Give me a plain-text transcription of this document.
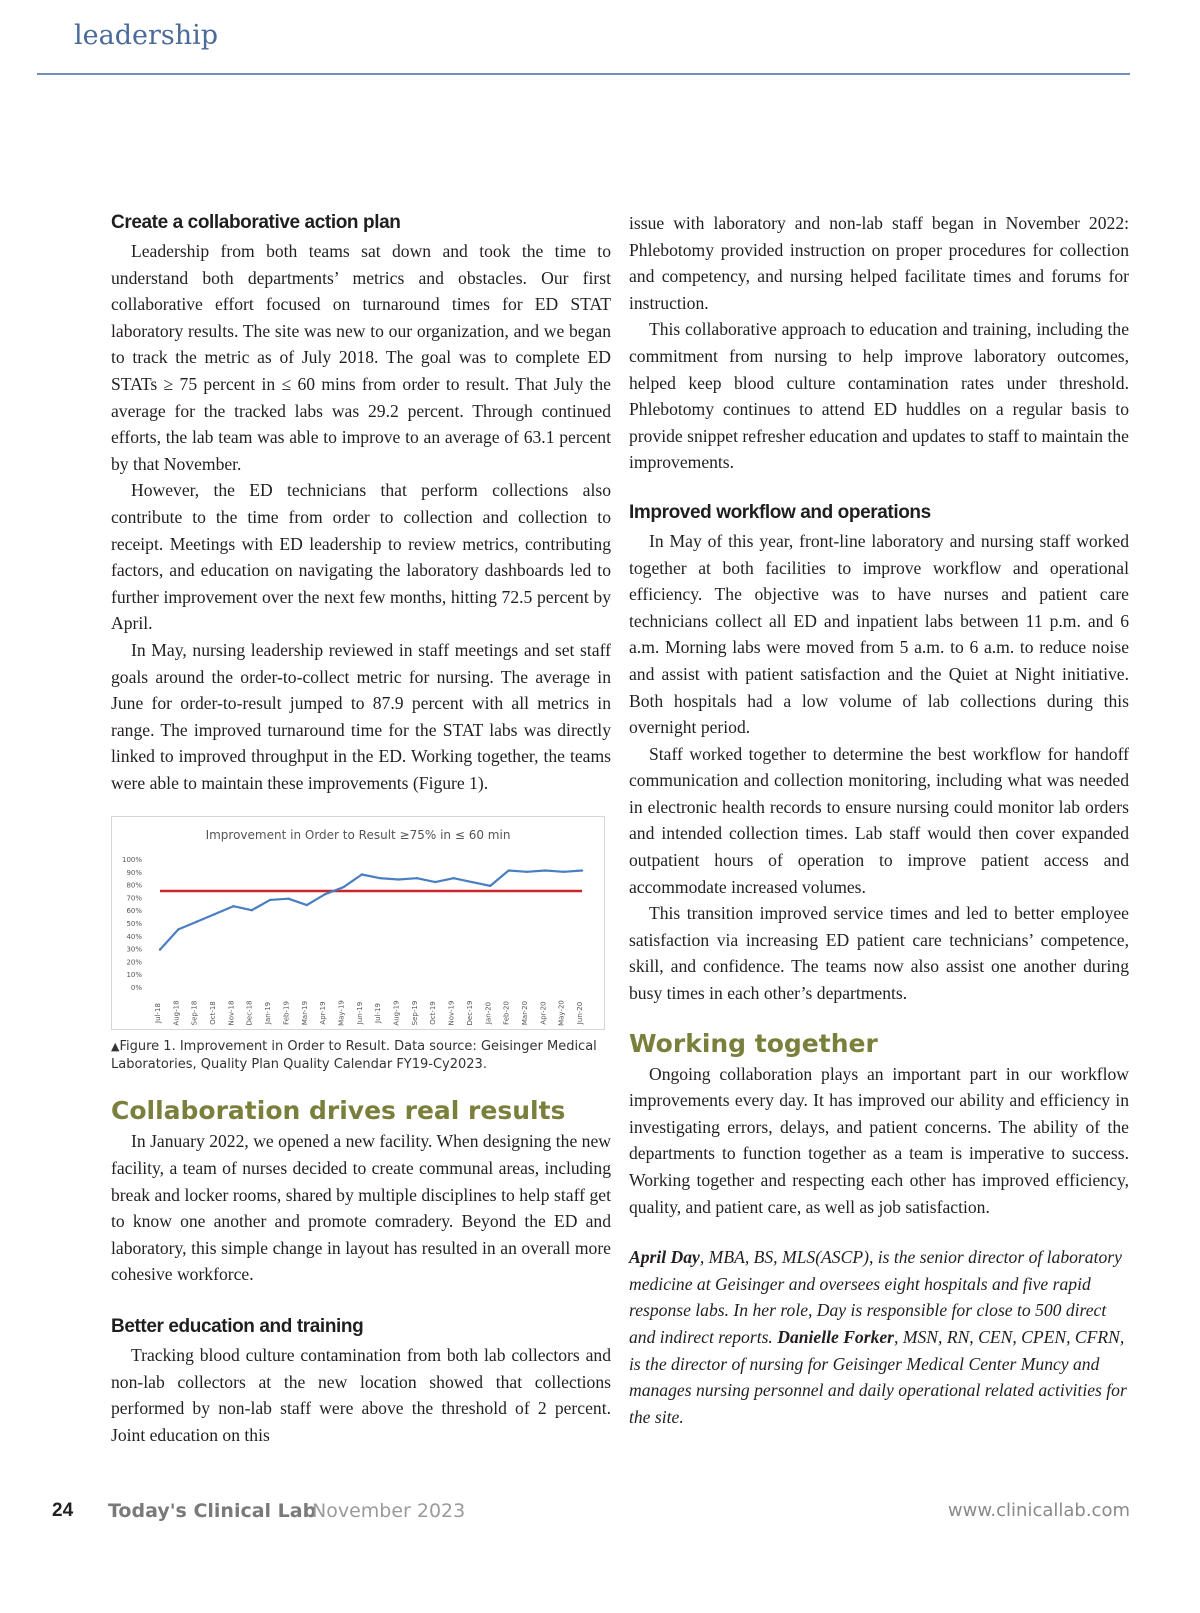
leadership
Create a collaborative action plan

Leadership from both teams sat down and took the time to understand both departments’ metrics and obstacles. Our first collaborative effort focused on turnaround times for ED STAT laboratory results. The site was new to our organization, and we began to track the metric as of July 2018. The goal was to complete ED STATs ≥ 75 percent in ≤ 60 mins from order to result. That July the average for the tracked labs was 29.2 percent. Through continued efforts, the lab team was able to improve to an average of 63.1 percent by that November.

However, the ED technicians that perform collections also contribute to the time from order to collection and collection to receipt. Meetings with ED leadership to review metrics, contributing factors, and education on navigating the laboratory dashboards led to further improvement over the next few months, hitting 72.5 percent by April.

In May, nursing leadership reviewed in staff meetings and set staff goals around the order-to-collect metric for nursing. The average in June for order-to-result jumped to 87.9 percent with all metrics in range. The improved turnaround time for the STAT labs was directly linked to improved throughput in the ED. Working together, the teams were able to maintain these improvements (Figure 1).

Improvement in Order to Result ≥75% in ≤ 60 min
0%
10%
20%
30%
40%
50%
60%
70%
80%
90%
100%
Jul-18 Aug-18 Sep-18 Oct-18 Nov-18 Dec-18 Jan-19 Feb-19 Mar-19 Apr-19 May-19 Jun-19 Jul-19 Aug-19 Sep-19 Oct-19 Nov-19 Dec-19 Jan-20 Feb-20 Mar-20 Apr-20 May-20 Jun-20
▲Figure 1. Improvement in Order to Result. Data source: Geisinger Medical Laboratories, Quality Plan Quality Calendar FY19-Cy2023.
Collaboration drives real results

In January 2022, we opened a new facility. When designing the new facility, a team of nurses decided to create communal areas, including break and locker rooms, shared by multiple disciplines to help staff get to know one another and promote comradery. Beyond the ED and laboratory, this simple change in layout has resulted in an overall more cohesive workforce.

Better education and training

Tracking blood culture contamination from both lab collectors and non-lab collectors at the new location showed that collections performed by non-lab staff were above the threshold of 2 percent. Joint education on this

issue with laboratory and non-lab staff began in November 2022: Phlebotomy provided instruction on proper procedures for collection and competency, and nursing helped facilitate times and forums for instruction.

This collaborative approach to education and training, including the commitment from nursing to help improve laboratory outcomes, helped keep blood culture contamination rates under threshold. Phlebotomy continues to attend ED huddles on a regular basis to provide snippet refresher education and updates to staff to maintain the improvements.

Improved workflow and operations

In May of this year, front-line laboratory and nursing staff worked together at both facilities to improve workflow and operational efficiency. The objective was to have nurses and patient care technicians collect all ED and inpatient labs between 11 p.m. and 6 a.m. Morning labs were moved from 5 a.m. to 6 a.m. to reduce noise and assist with patient satisfaction and the Quiet at Night initiative. Both hospitals had a low volume of lab collections during this overnight period.

Staff worked together to determine the best workflow for handoff communication and collection monitoring, including what was needed in electronic health records to ensure nursing could monitor lab orders and intended collection times. Lab staff would then cover expanded outpatient hours of operation to improve patient access and accommodate increased volumes.

This transition improved service times and led to better employee satisfaction via increasing ED patient care technicians’ competence, skill, and confidence. The teams now also assist one another during busy times in each other’s departments.

Working together

Ongoing collaboration plays an important part in our workflow improvements every day. It has improved our ability and efficiency in investigating errors, delays, and patient concerns. The ability of the departments to function together as a team is imperative to success. Working together and respecting each other has improved efficiency, quality, and patient care, as well as job satisfaction.

April Day, MBA, BS, MLS(ASCP), is the senior director of laboratory medicine at Geisinger and oversees eight hospitals and five rapid response labs. In her role, Day is responsible for close to 500 direct and indirect reports. Danielle Forker, MSN, RN, CEN, CPEN, CFRN, is the director of nursing for Geisinger Medical Center Muncy and manages nursing personnel and daily operational related activities for the site.

24 Today's Clinical Lab
November 2023	www.clinicallab.com
